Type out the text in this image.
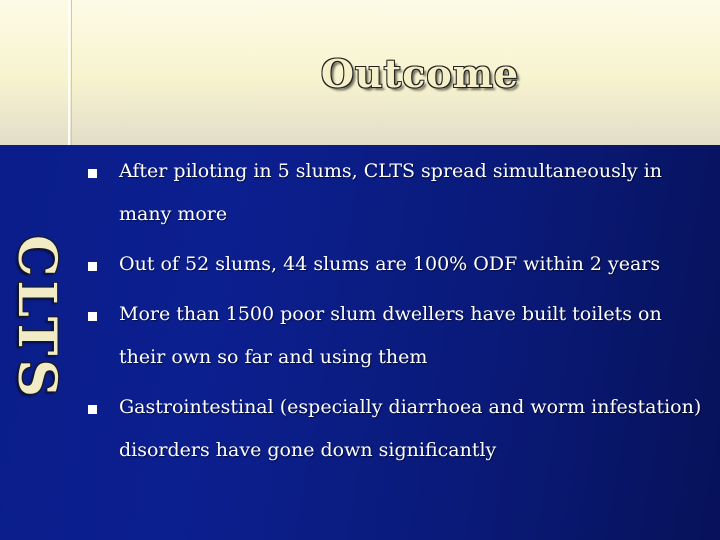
Outcome
CLTS
After piloting in 5 slums, CLTS spread simultaneously in many more
Out of 52 slums, 44 slums are 100% ODF within 2 years
More than 1500 poor slum dwellers have built toilets on their own so far and using them
Gastrointestinal (especially diarrhoea and worm infestation) disorders have gone down significantly
